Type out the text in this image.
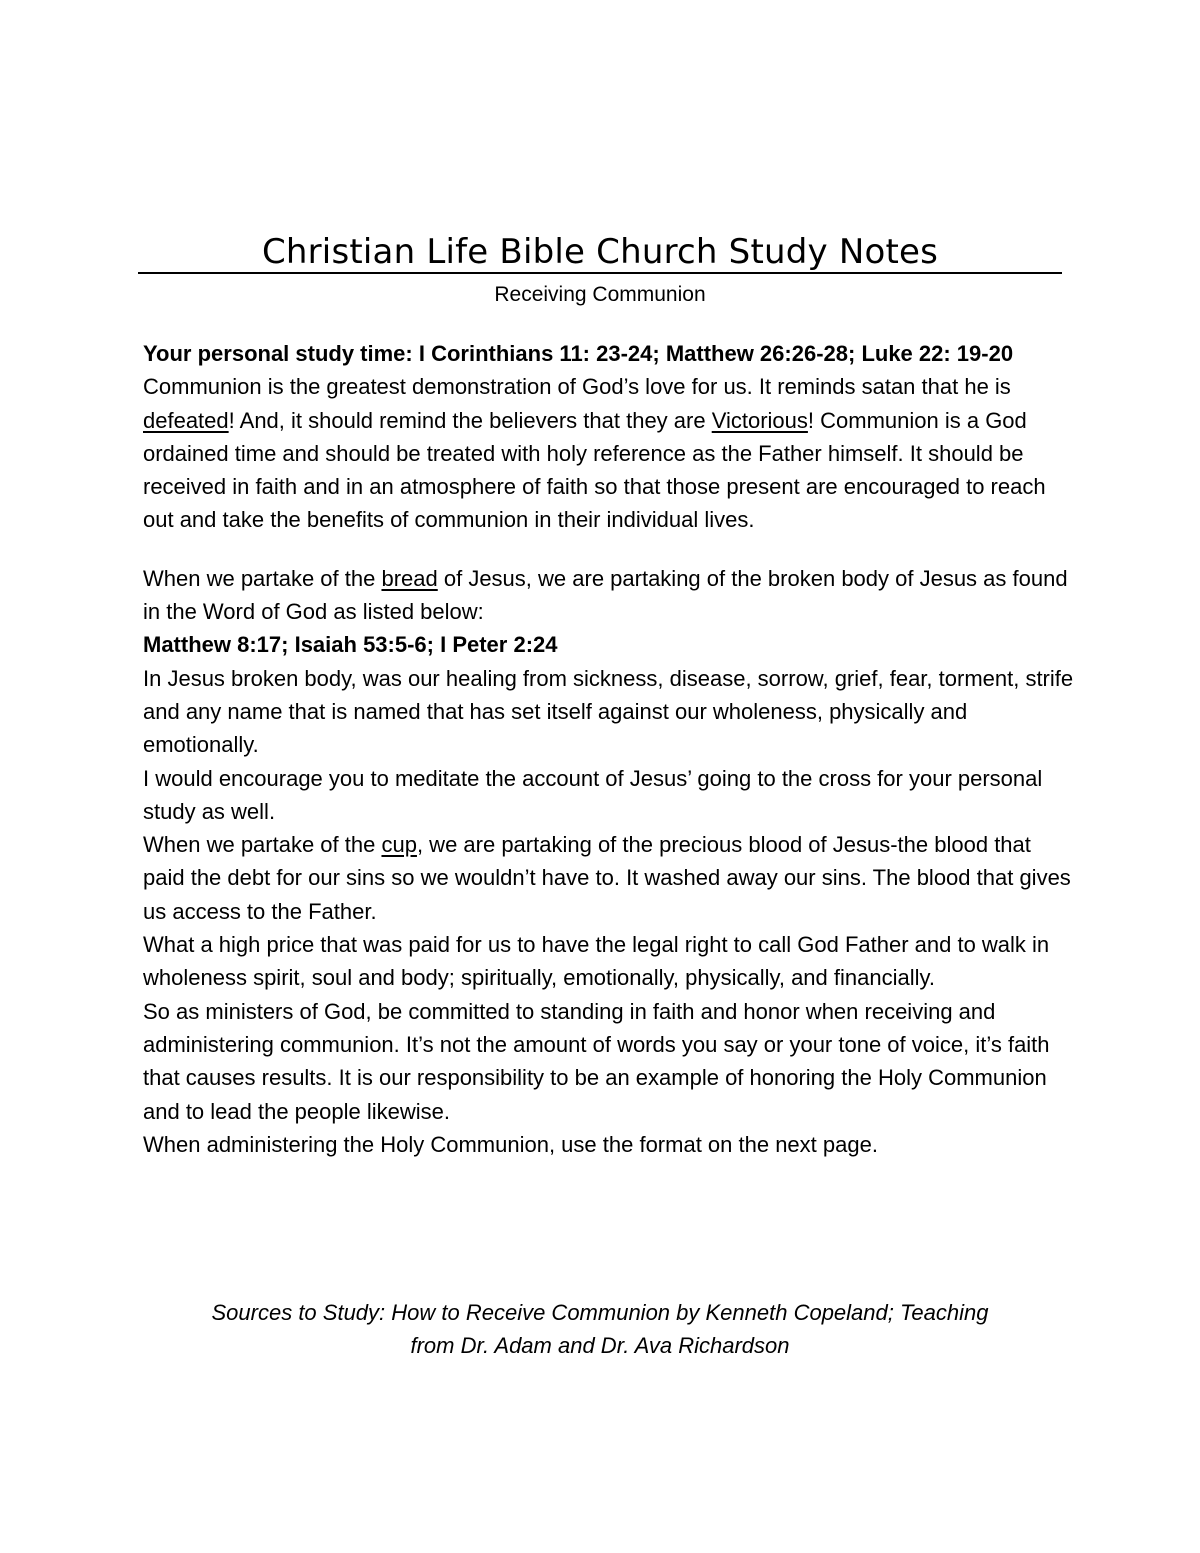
Christian Life Bible Church Study Notes

Receiving Communion

Your personal study time: I Corinthians 11: 23-24; Matthew 26:26-28; Luke 22: 19-20

Communion is the greatest demonstration of God’s love for us. It reminds satan that he is defeated! And, it should remind the believers that they are Victorious! Communion is a God ordained time and should be treated with holy reference as the Father himself. It should be received in faith and in an atmosphere of faith so that those present are encouraged to reach out and take the benefits of communion in their individual lives.

When we partake of the bread of Jesus, we are partaking of the broken body of Jesus as found in the Word of God as listed below:

Matthew 8:17; Isaiah 53:5-6; I Peter 2:24

In Jesus broken body, was our healing from sickness, disease, sorrow, grief, fear, torment, strife and any name that is named that has set itself against our wholeness, physically and emotionally.

I would encourage you to meditate the account of Jesus’ going to the cross for your personal study as well.

When we partake of the cup, we are partaking of the precious blood of Jesus-the blood that paid the debt for our sins so we wouldn’t have to. It washed away our sins. The blood that gives us access to the Father.

What a high price that was paid for us to have the legal right to call God Father and to walk in wholeness spirit, soul and body; spiritually, emotionally, physically, and financially.

So as ministers of God, be committed to standing in faith and honor when receiving and administering communion. It’s not the amount of words you say or your tone of voice, it’s faith that causes results. It is our responsibility to be an example of honoring the Holy Communion and to lead the people likewise.

When administering the Holy Communion, use the format on the next page.

Sources to Study: How to Receive Communion by Kenneth Copeland; Teaching
from Dr. Adam and Dr. Ava Richardson
